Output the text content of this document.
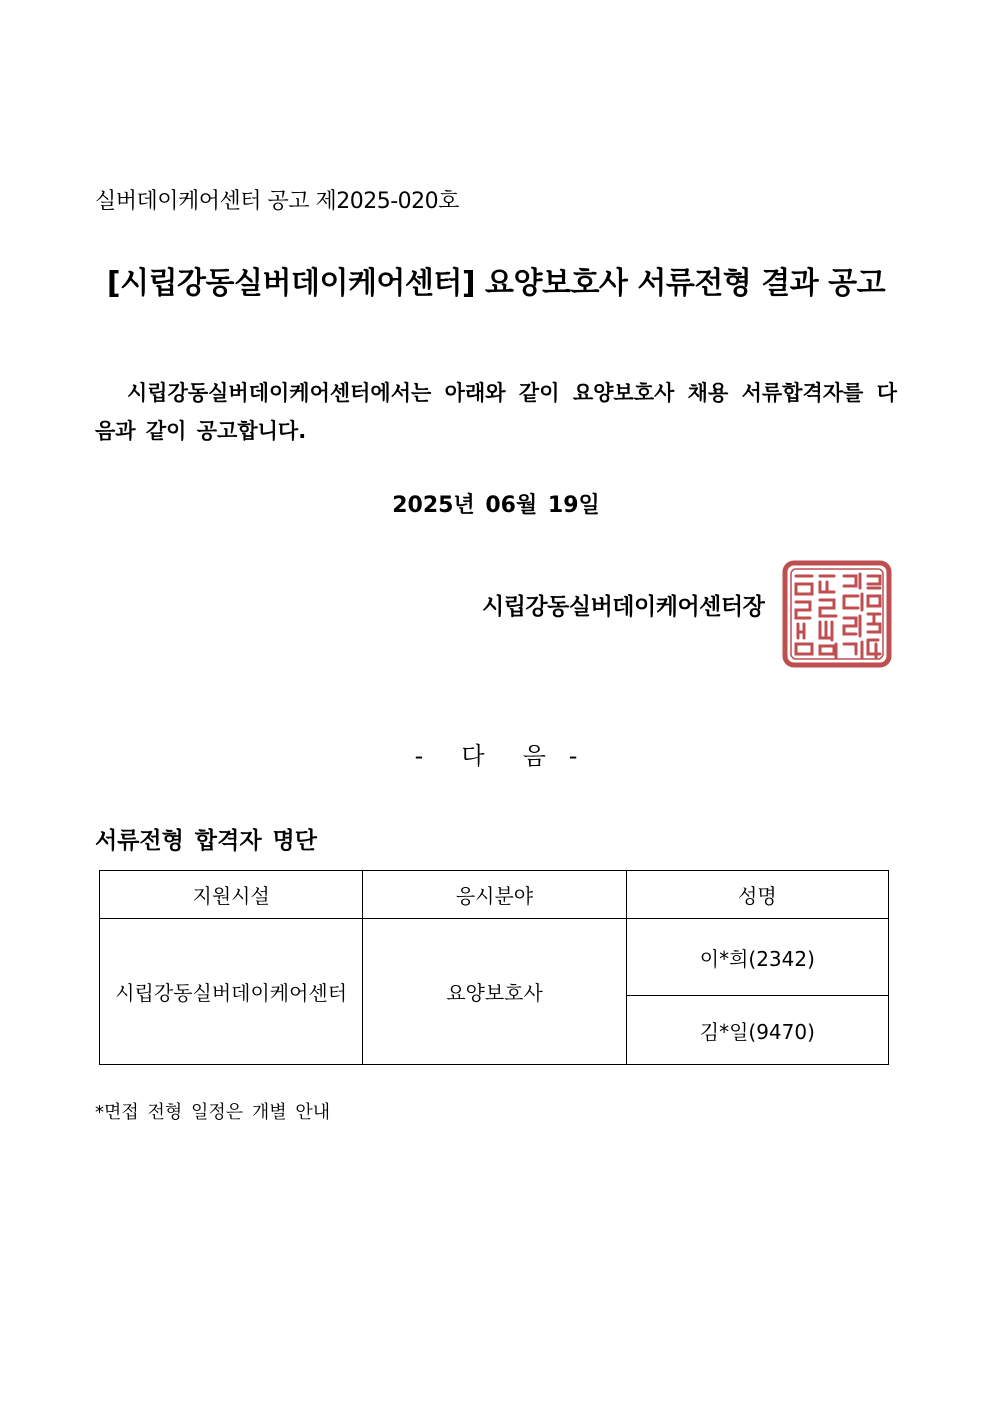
실버데이케어센터 공고 제2025-020호
[시립강동실버데이케어센터] 요양보호사 서류전형 결과 공고
시립강동실버데이케어센터에서는 아래와 같이 요양보호사 채용 서류합격자를 다음과 같이 공고합니다.
2025년 06월 19일
시립강동실버데이케어센터장
-     다     음   -
서류전형 합격자 명단
지원시설	응시분야	성명
시립강동실버데이케어센터	요양보호사	이*희(2342)
		김*일(9470)
*면접 전형 일정은 개별 안내
